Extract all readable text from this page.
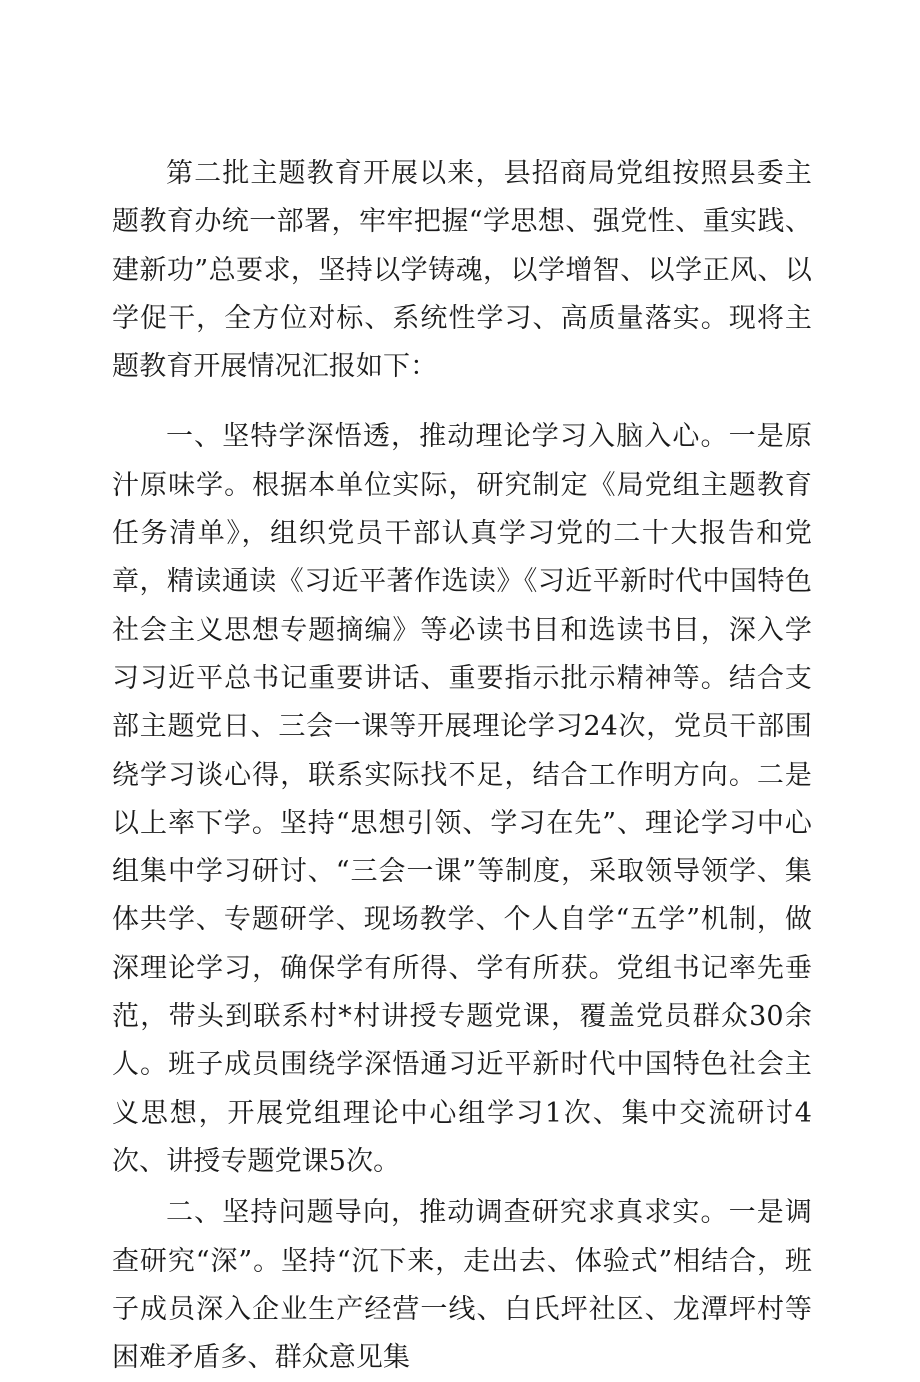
第二批主题教育开展以来，县招商局党组按照县委主题教育办统一部署，牢牢把握“学思想、强党性、重实践、建新功”总要求，坚持以学铸魂，以学增智、以学正风、以学促干，全方位对标、系统性学习、高质量落实。现将主题教育开展情况汇报如下：

一、坚特学深悟透，推动理论学习入脑入心。一是原汁原味学。根据本单位实际，研究制定《局党组主题教育任务清单》，组织党员干部认真学习党的二十大报告和党章，精读通读《习近平著作选读》《习近平新时代中国特色社会主义思想专题摘编》等必读书目和选读书目，深入学习习近平总书记重要讲话、重要指示批示精神等。结合支部主题党日、三会一课等开展理论学习24次，党员干部围绕学习谈心得，联系实际找不足，结合工作明方向。二是以上率下学。坚持“思想引领、学习在先”、理论学习中心组集中学习研讨、“三会一课”等制度，采取领导领学、集体共学、专题研学、现场教学、个人自学“五学”机制，做深理论学习，确保学有所得、学有所获。党组书记率先垂范，带头到联系村*村讲授专题党课，覆盖党员群众30余人。班子成员围绕学深悟通习近平新时代中国特色社会主义思想，开展党组理论中心组学习1次、集中交流研讨4次、讲授专题党课5次。

二、坚持问题导向，推动调查研究求真求实。一是调查研究“深”。坚持“沉下来，走出去、体验式”相结合，班子成员深入企业生产经营一线、白氏坪社区、龙潭坪村等困难矛盾多、群众意见集
